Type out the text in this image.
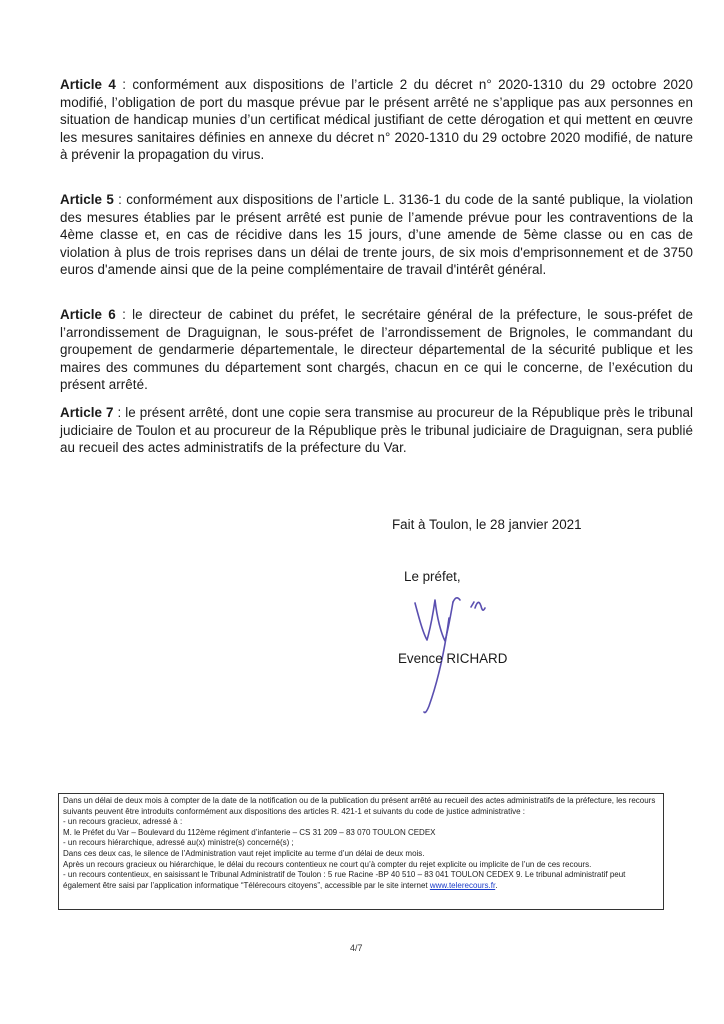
Article 4 : conformément aux dispositions de l’article 2 du décret n° 2020-1310 du 29 octobre 2020 modifié, l’obligation de port du masque prévue par le présent arrêté ne s’applique pas aux personnes en situation de handicap munies d’un certificat médical justifiant de cette dérogation et qui mettent en œuvre les mesures sanitaires définies en annexe du décret n° 2020-1310 du 29 octobre 2020 modifié, de nature à prévenir la propagation du virus.
Article 5 : conformément aux dispositions de l’article L. 3136-1 du code de la santé publique, la violation des mesures établies par le présent arrêté est punie de l’amende prévue pour les contraventions de la 4ème classe et, en cas de récidive dans les 15 jours, d’une amende de 5ème classe ou en cas de violation à plus de trois reprises dans un délai de trente jours, de six mois d'emprisonnement et de 3750 euros d'amende ainsi que de la peine complémentaire de travail d'intérêt général.
Article 6 : le directeur de cabinet du préfet, le secrétaire général de la préfecture, le sous-préfet de l’arrondissement de Draguignan, le sous-préfet de l’arrondissement de Brignoles, le commandant du groupement de gendarmerie départementale, le directeur départemental de la sécurité publique et les maires des communes du département sont chargés, chacun en ce qui le concerne, de l’exécution du présent arrêté.
Article 7 : le présent arrêté, dont une copie sera transmise au procureur de la République près le tribunal judiciaire de Toulon et au procureur de la République près le tribunal judiciaire de Draguignan, sera publié au recueil des actes administratifs de la préfecture du Var.
Fait à Toulon, le 28 janvier 2021
Le préfet,
Evence RICHARD

Dans un délai de deux mois à compter de la date de la notification ou de la publication du présent arrêté au recueil des actes administratifs de la préfecture, les recours suivants peuvent être introduits conformément aux dispositions des articles R. 421-1 et suivants du code de justice administrative :

- un recours gracieux, adressé à :

M. le Préfet du Var – Boulevard du 112ème régiment d’infanterie – CS 31 209 – 83 070 TOULON CEDEX

- un recours hiérarchique, adressé au(x) ministre(s) concerné(s) ;

Dans ces deux cas, le silence de l’Administration vaut rejet implicite au terme d’un délai de deux mois.

Après un recours gracieux ou hiérarchique, le délai du recours contentieux ne court qu’à compter du rejet explicite ou implicite de l’un de ces recours.

- un recours contentieux, en saisissant le Tribunal Administratif de Toulon : 5 rue Racine -BP 40 510 – 83 041 TOULON CEDEX 9. Le tribunal administratif peut également être saisi par l’application informatique “Télérecours citoyens”, accessible par le site internet www.telerecours.fr.

4/7
